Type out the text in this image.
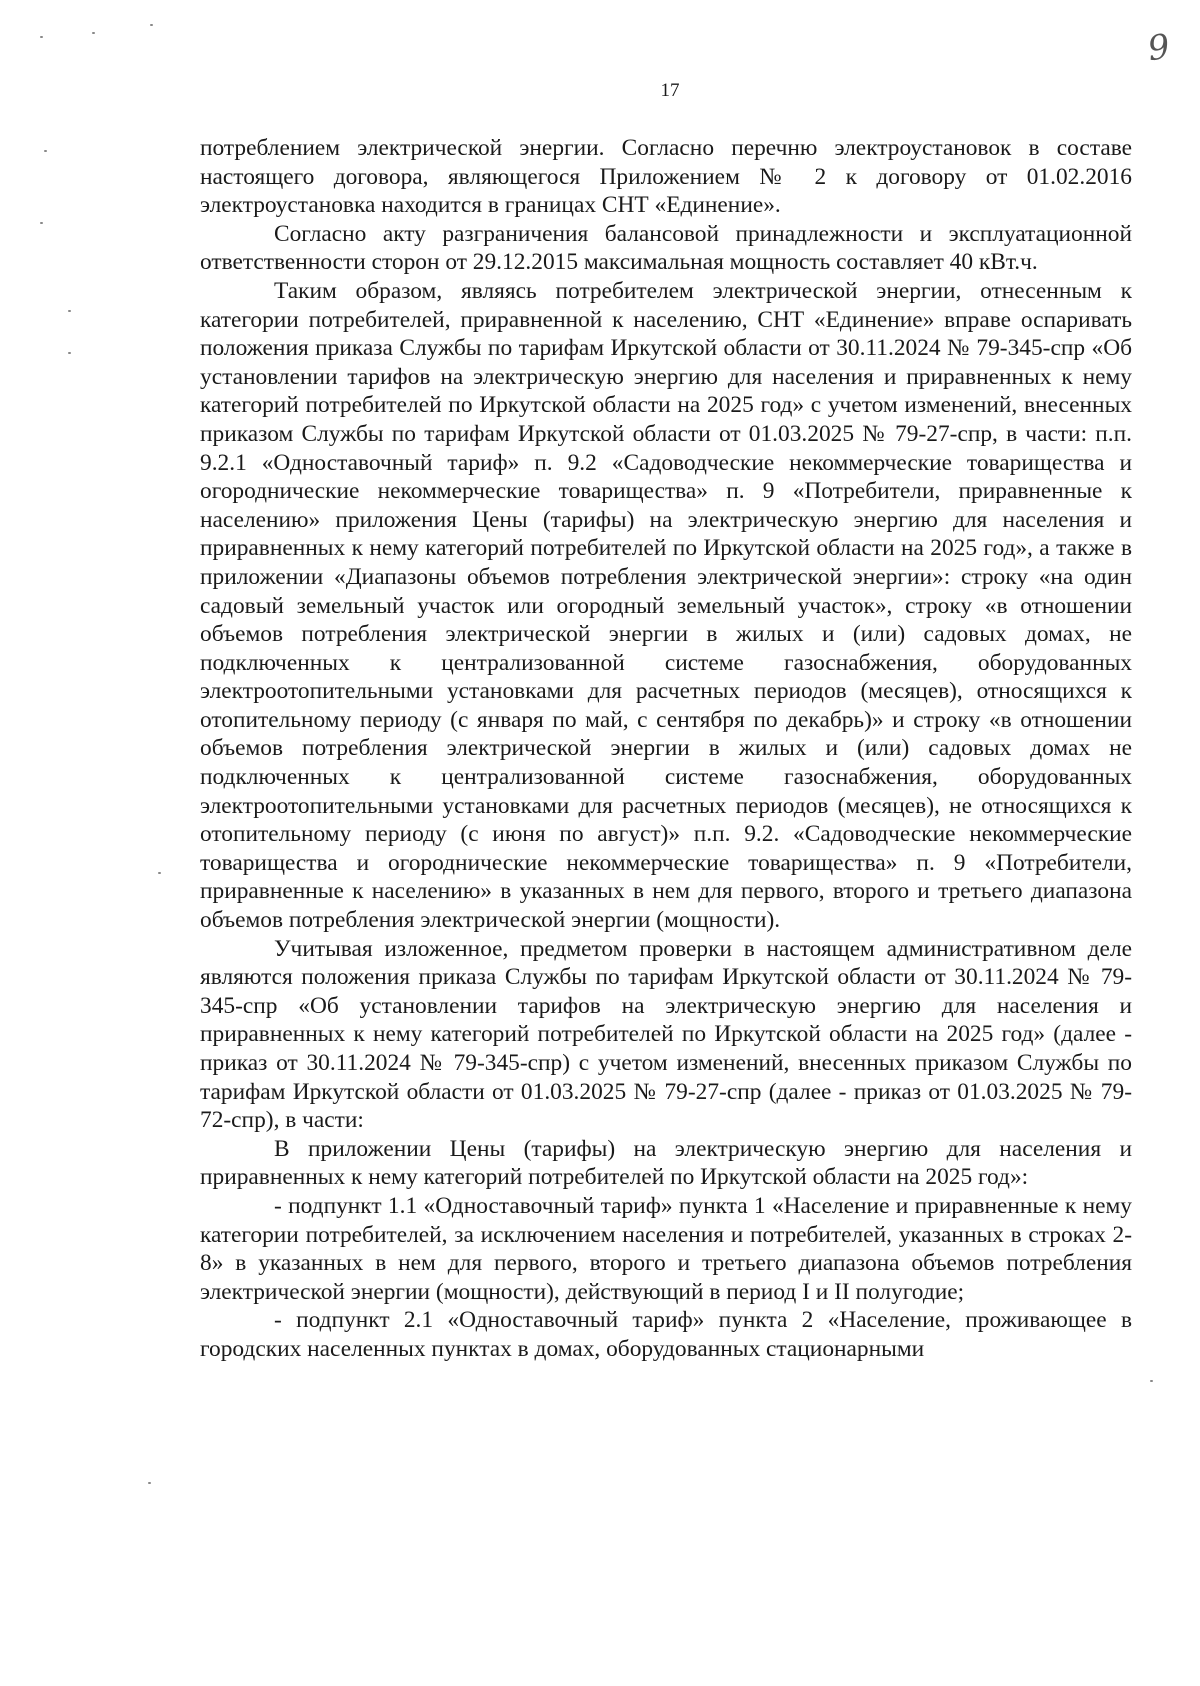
9
17

потреблением электрической энергии. Согласно перечню электроустановок в составе настоящего договора, являющегося Приложением № 2 к договору от 01.02.2016 электроустановка находится в границах СНТ «Единение».

Согласно акту разграничения балансовой принадлежности и эксплуатационной ответственности сторон от 29.12.2015 максимальная мощность составляет 40 кВт.ч.

Таким образом, являясь потребителем электрической энергии, отнесенным к категории потребителей, приравненной к населению, СНТ «Единение» вправе оспаривать положения приказа Службы по тарифам Иркутской области от 30.11.2024 № 79-345-спр «Об установлении тарифов на электрическую энергию для населения и приравненных к нему категорий потребителей по Иркутской области на 2025 год» с учетом изменений, внесенных приказом Службы по тарифам Иркутской области от 01.03.2025 № 79-27-спр, в части: п.п. 9.2.1 «Одноставочный тариф» п. 9.2 «Садоводческие некоммерческие товарищества и огороднические некоммерческие товарищества» п. 9 «Потребители, приравненные к населению» приложения Цены (тарифы) на электрическую энергию для населения и приравненных к нему категорий потребителей по Иркутской области на 2025 год», а также в приложении «Диапазоны объемов потребления электрической энергии»: строку «на один садовый земельный участок или огородный земельный участок», строку «в отношении объемов потребления электрической энергии в жилых и (или) садовых домах, не подключенных к централизованной системе газоснабжения, оборудованных электроотопительными установками для расчетных периодов (месяцев), относящихся к отопительному периоду (с января по май, с сентября по декабрь)» и строку «в отношении объемов потребления электрической энергии в жилых и (или) садовых домах не подключенных к централизованной системе газоснабжения, оборудованных электроотопительными установками для расчетных периодов (месяцев), не относящихся к отопительному периоду (с июня по август)» п.п. 9.2. «Садоводческие некоммерческие товарищества и огороднические некоммерческие товарищества» п. 9 «Потребители, приравненные к населению» в указанных в нем для первого, второго и третьего диапазона объемов потребления электрической энергии (мощности).

Учитывая изложенное, предметом проверки в настоящем административном деле являются положения приказа Службы по тарифам Иркутской области от 30.11.2024 № 79-345-спр «Об установлении тарифов на электрическую энергию для населения и приравненных к нему категорий потребителей по Иркутской области на 2025 год» (далее - приказ от 30.11.2024 № 79-345-спр) с учетом изменений, внесенных приказом Службы по тарифам Иркутской области от 01.03.2025 № 79-27-спр (далее - приказ от 01.03.2025 № 79-72-спр), в части:

В приложении Цены (тарифы) на электрическую энергию для населения и приравненных к нему категорий потребителей по Иркутской области на 2025 год»:

- подпункт 1.1 «Одноставочный тариф» пункта 1 «Население и приравненные к нему категории потребителей, за исключением населения и потребителей, указанных в строках 2-8» в указанных в нем для первого, второго и третьего диапазона объемов потребления электрической энергии (мощности), действующий в период I и II полугодие;

- подпункт 2.1 «Одноставочный тариф» пункта 2 «Население, проживающее в городских населенных пунктах в домах, оборудованных стационарными
